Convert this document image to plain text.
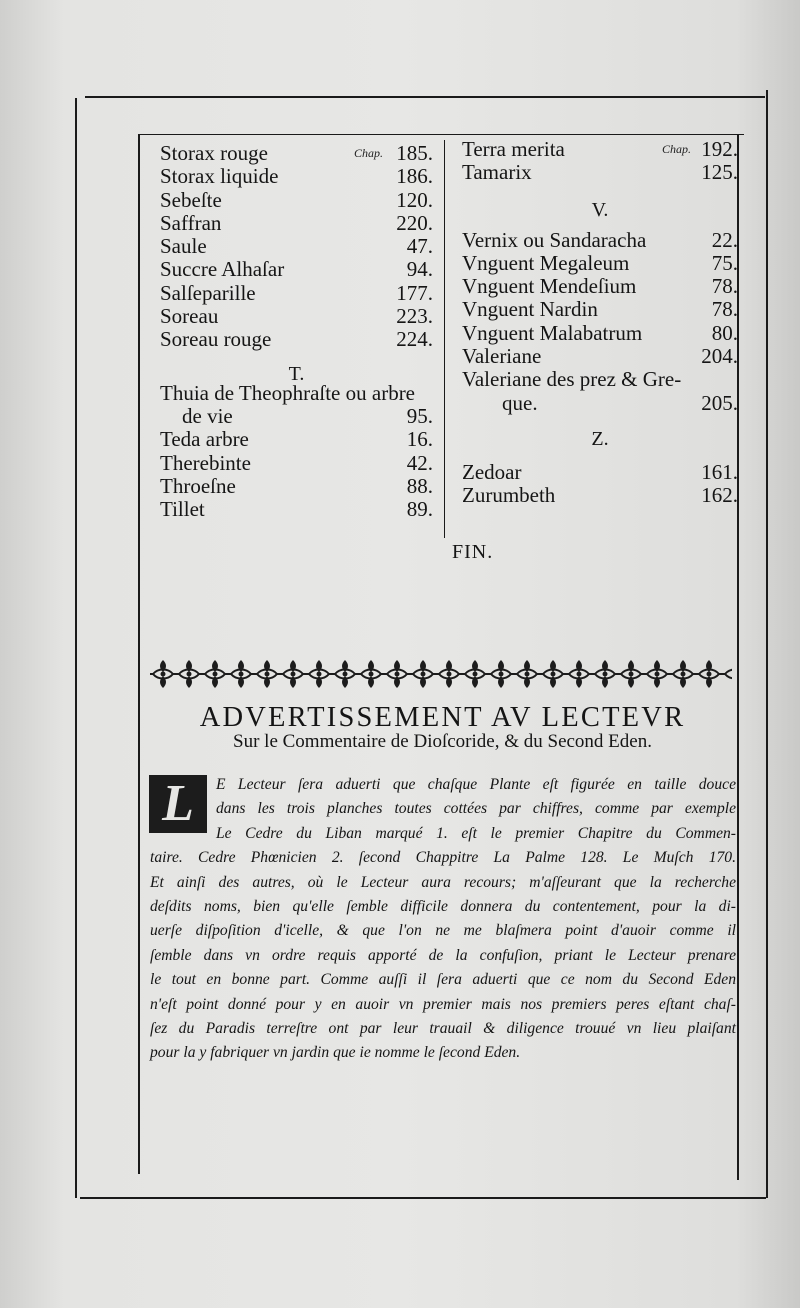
Chap.	Chap.
Storax rouge	185.
Storax liquide	186.
Sebeſte	120.
Saffran	220.
Saule	47.
Succre Alhaſar	94.
Salſeparille	177.
Soreau	223.
Soreau rouge	224.
T.
Thuia de Theophraſte ou arbre
de vie	95.
Teda arbre	16.
Therebinte	42.
Throeſne	88.
Tillet	89.
Terra merita	192.
Tamarix	125.
V.
Vernix ou Sandaracha	22.
Vnguent Megaleum	75.
Vnguent Mendeſium	78.
Vnguent Nardin	78.
Vnguent Malabatrum	80.
Valeriane	204.
Valeriane des prez & Gre-
que.	205.
Z.
Zedoar	161.
Zurumbeth	162.
FIN.
ADVERTISSEMENT AV LECTEVR
Sur le Commentaire de Dioſcoride, & du Second Eden.
L	E Lecteur ſera aduerti que chaſque Plante eſt figurée en taille douce
dans les trois planches toutes cottées par chiffres, comme par exemple
Le Cedre du Liban marqué 1. eſt le premier Chapitre du Commen-
taire. Cedre Phœnicien 2. ſecond Chappitre La Palme 128. Le Muſch 170.
Et ainſi des autres, où le Lecteur aura recours; m'aſſeurant que la recherche
deſdits noms, bien qu'elle ſemble difficile donnera du contentement, pour la di-
uerſe diſpoſition d'icelle, & que l'on ne me blaſmera point d'auoir comme il
ſemble dans vn ordre requis apporté de la confuſion, priant le Lecteur prenare
le tout en bonne part. Comme auſſi il ſera aduerti que ce nom du Second Eden
n'eſt point donné pour y en auoir vn premier mais nos premiers peres eſtant chaſ-
ſez du Paradis terreſtre ont par leur trauail & diligence trouué vn lieu plaiſant
pour la y fabriquer vn jardin que ie nomme le ſecond Eden.
